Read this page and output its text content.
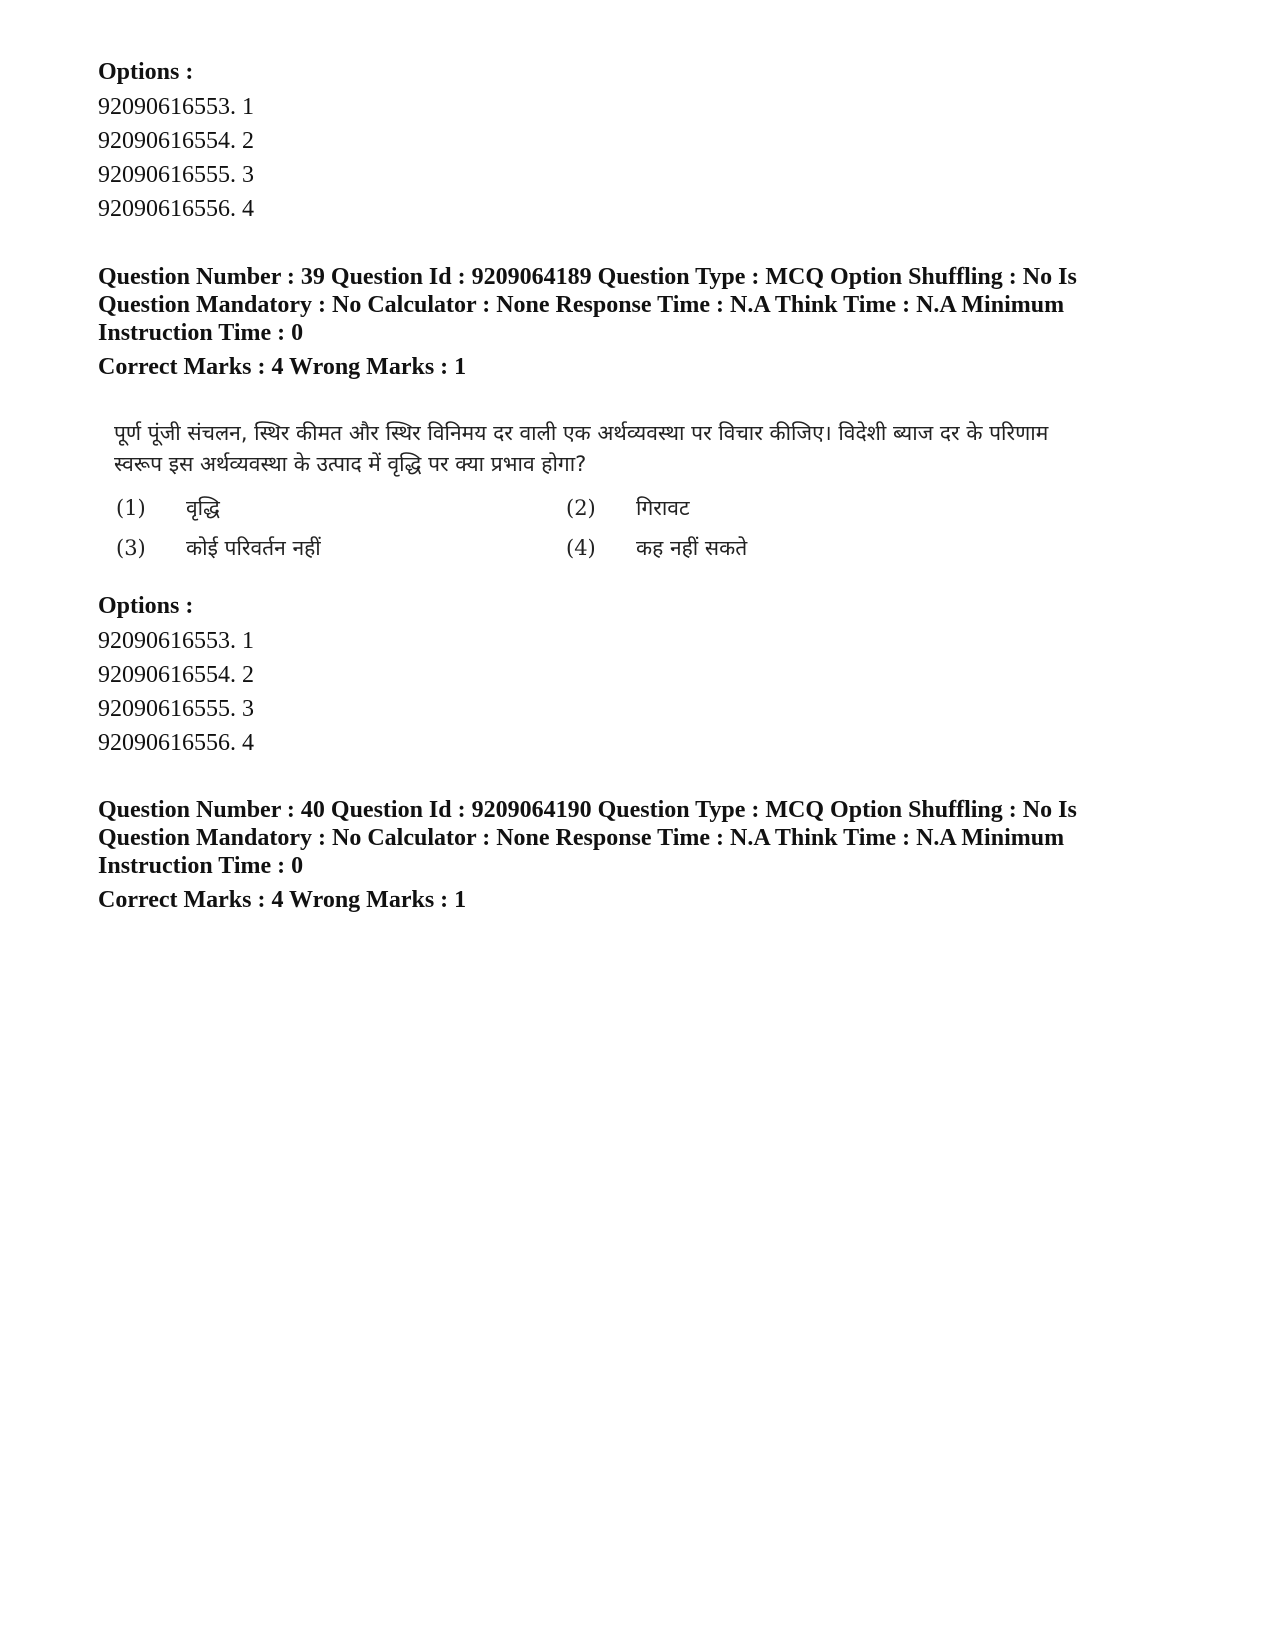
Options :
92090616553. 1
92090616554. 2
92090616555. 3
92090616556. 4
Question Number : 39 Question Id : 9209064189 Question Type : MCQ Option Shuffling : No Is
Question Mandatory : No Calculator : None Response Time : N.A Think Time : N.A Minimum
Instruction Time : 0
Correct Marks : 4 Wrong Marks : 1
पूर्ण पूंजी संचलन, स्थिर कीमत और स्थिर विनिमय दर वाली एक अर्थव्यवस्था पर विचार कीजिए। विदेशी ब्याज दर के परिणाम स्वरूप इस अर्थव्यवस्था के उत्पाद में वृद्धि पर क्या प्रभाव होगा?
(1)	वृद्धि	(2)	गिरावट
(3)	कोई परिवर्तन नहीं	(4)	कह नहीं सकते
Options :
92090616553. 1
92090616554. 2
92090616555. 3
92090616556. 4
Question Number : 40 Question Id : 9209064190 Question Type : MCQ Option Shuffling : No Is
Question Mandatory : No Calculator : None Response Time : N.A Think Time : N.A Minimum
Instruction Time : 0
Correct Marks : 4 Wrong Marks : 1
